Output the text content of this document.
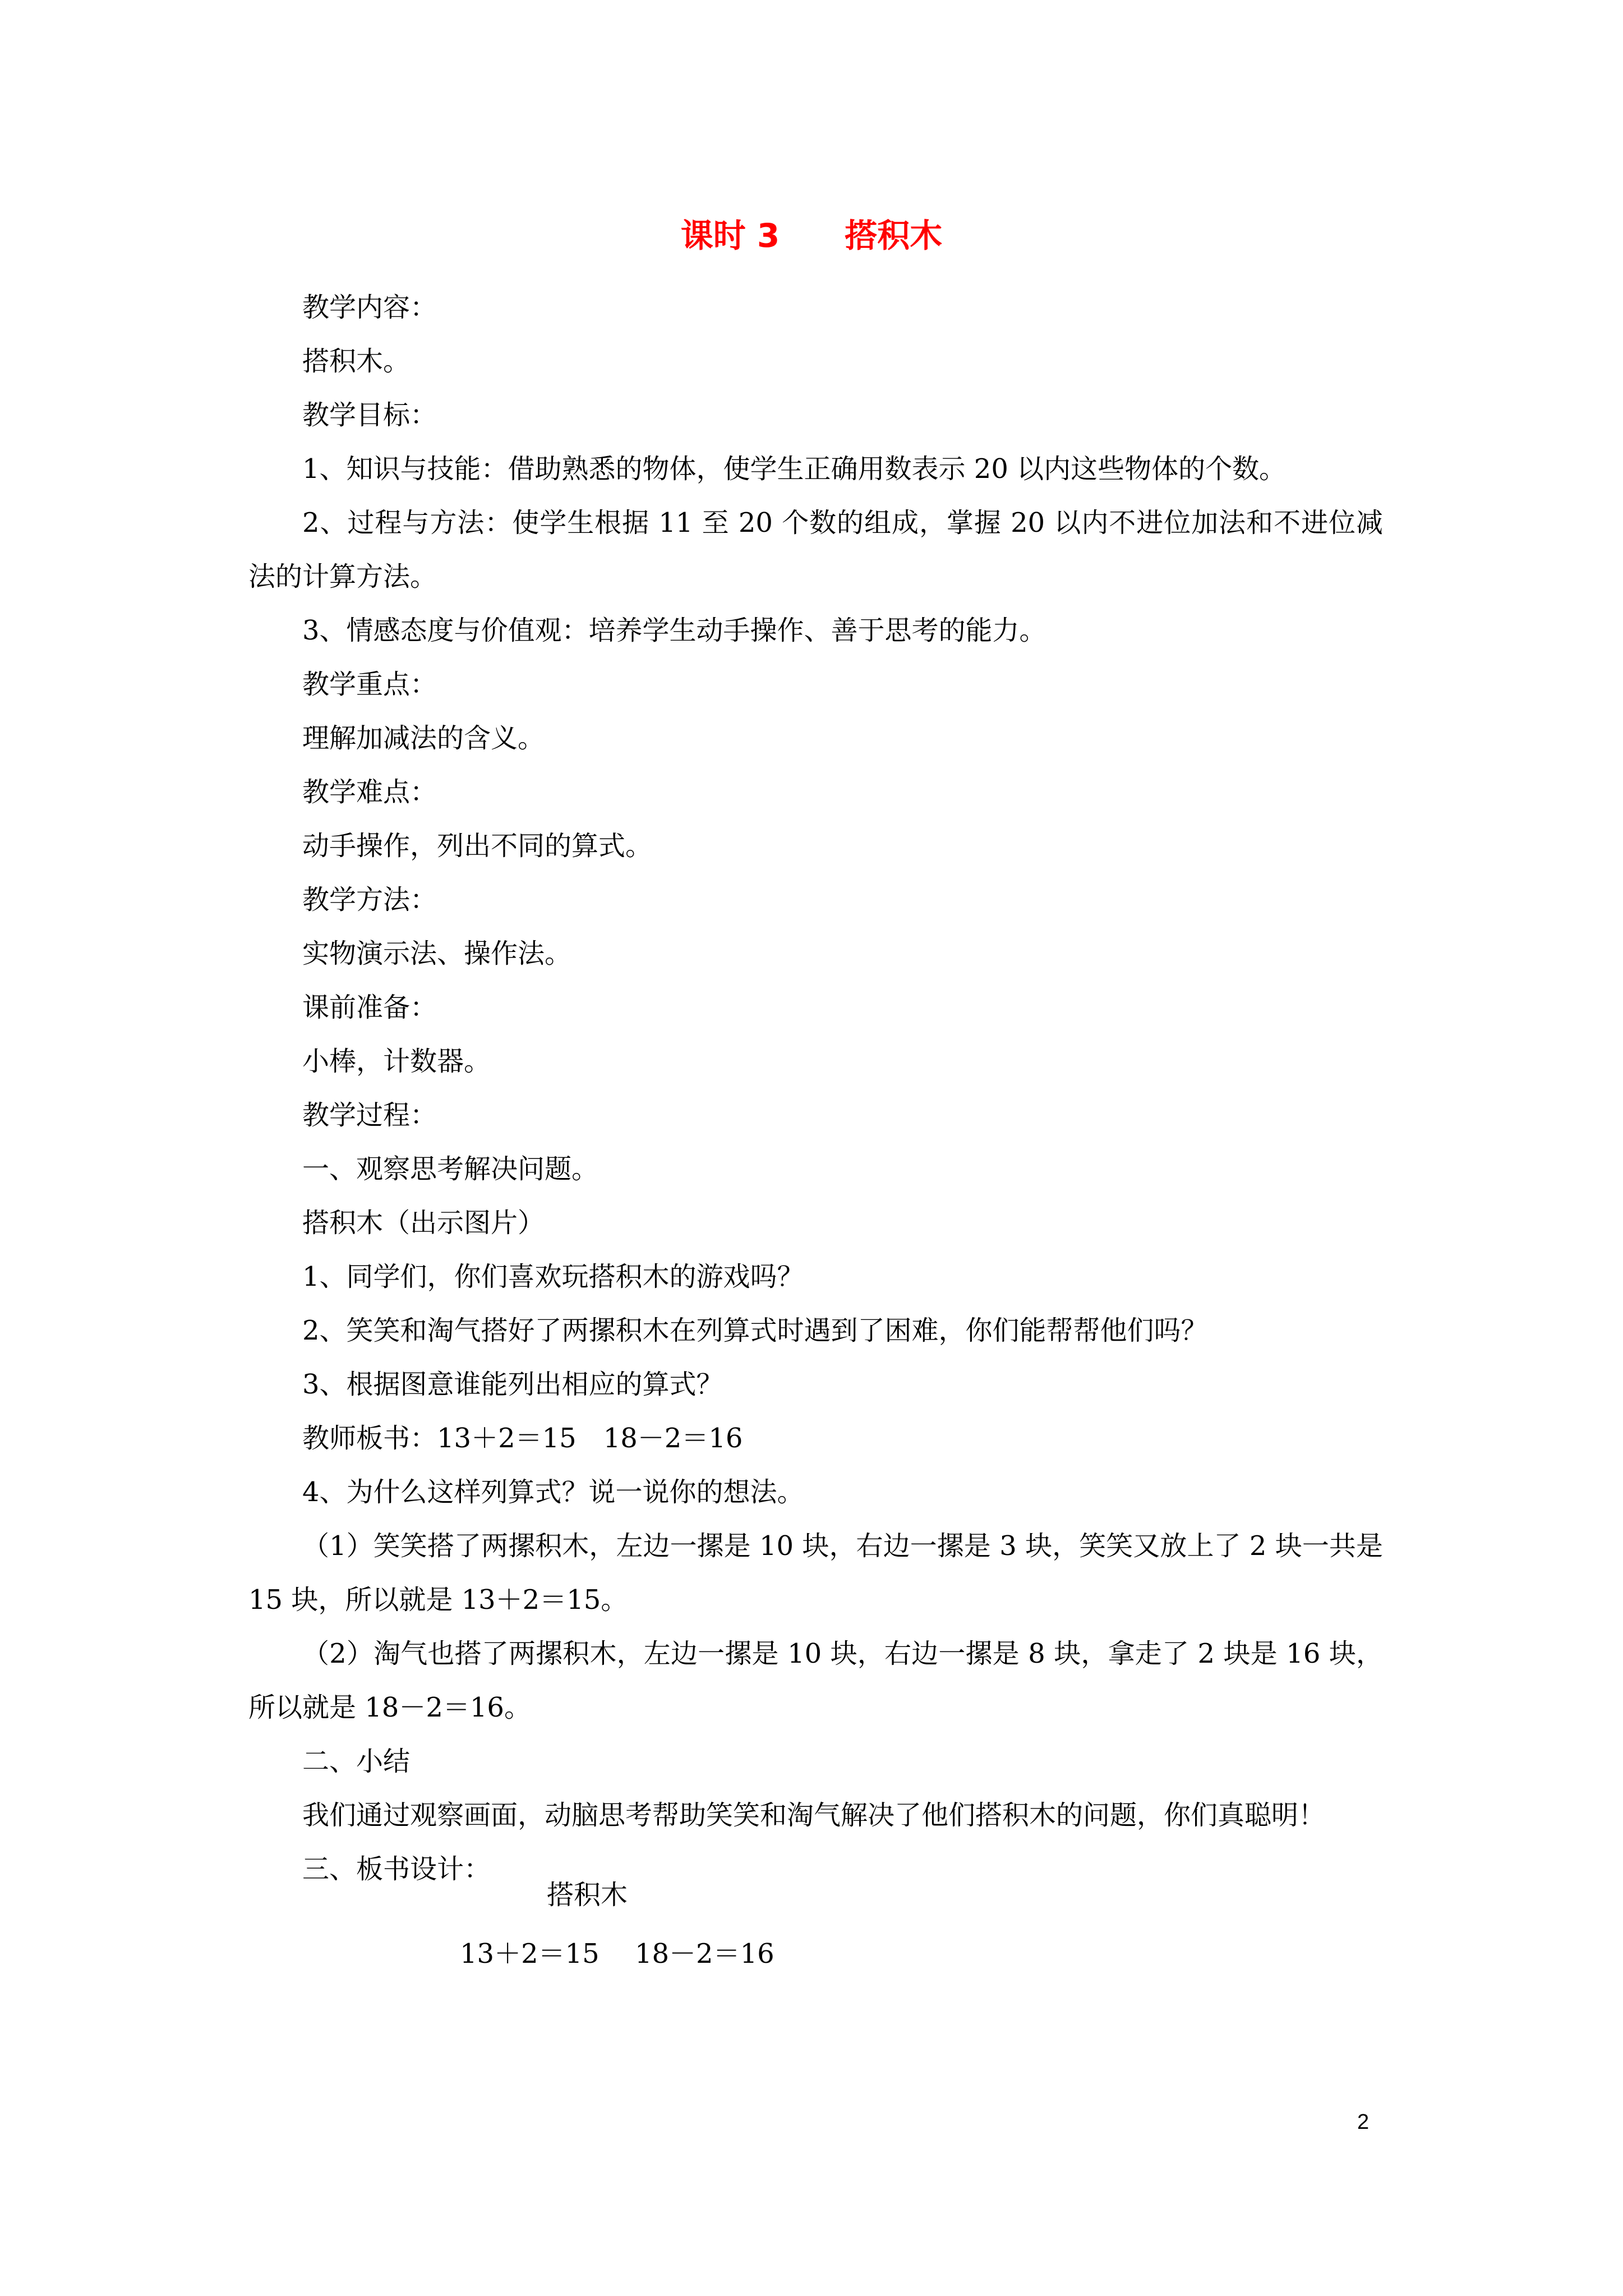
课时 3　　搭积木

教学内容：

搭积木。

教学目标：

1、知识与技能：借助熟悉的物体，使学生正确用数表示 20 以内这些物体的个数。

2、过程与方法：使学生根据 11 至 20 个数的组成，掌握 20 以内不进位加法和不进位减法的计算方法。

3、情感态度与价值观：培养学生动手操作、善于思考的能力。

教学重点：

理解加减法的含义。

教学难点：

动手操作，列出不同的算式。

教学方法：

实物演示法、操作法。

课前准备：

小棒，计数器。

教学过程：

一、观察思考解决问题。

搭积木（出示图片）

1、同学们，你们喜欢玩搭积木的游戏吗？

2、笑笑和淘气搭好了两摞积木在列算式时遇到了困难，你们能帮帮他们吗？

3、根据图意谁能列出相应的算式？

教师板书：13＋2＝15　18－2＝16

4、为什么这样列算式？说一说你的想法。

（1）笑笑搭了两摞积木，左边一摞是 10 块，右边一摞是 3 块，笑笑又放上了 2 块一共是 15 块，所以就是 13＋2＝15。

（2）淘气也搭了两摞积木，左边一摞是 10 块，右边一摞是 8 块，拿走了 2 块是 16 块，所以就是 18－2＝16。

二、小结

我们通过观察画面，动脑思考帮助笑笑和淘气解决了他们搭积木的问题，你们真聪明！

三、板书设计：

搭积木

13＋2＝15　 18－2＝16

2
